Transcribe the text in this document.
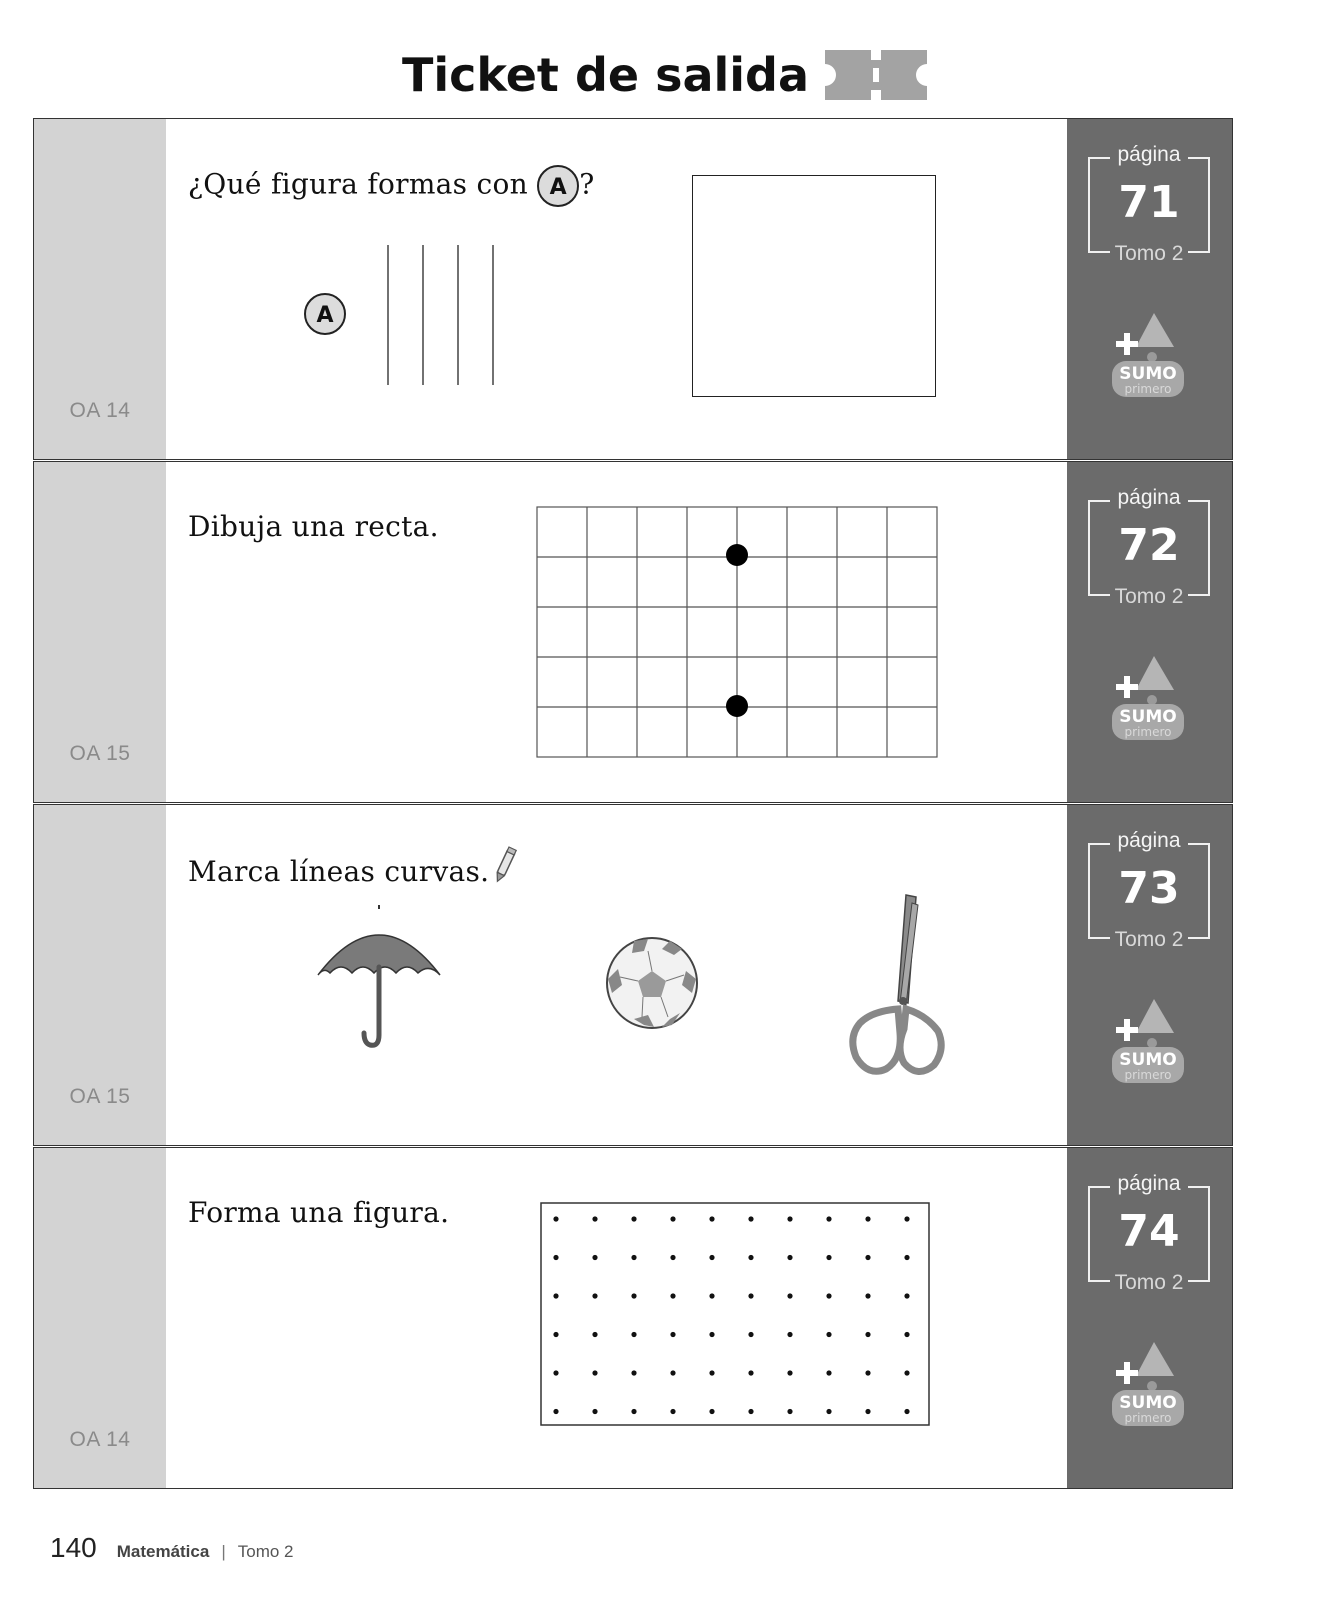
Ticket de salida
OA 14
página
71
Tomo 2
SUMO
primero
¿Qué figura formas con A ?
A
OA 15
página
72
Tomo 2
SUMO
primero
Dibuja una recta.
OA 15
página
73
Tomo 2
SUMO
primero
Marca líneas curvas.
OA 14
página
74
Tomo 2
SUMO
primero
Forma una figura.
140 Matemática | Tomo 2
